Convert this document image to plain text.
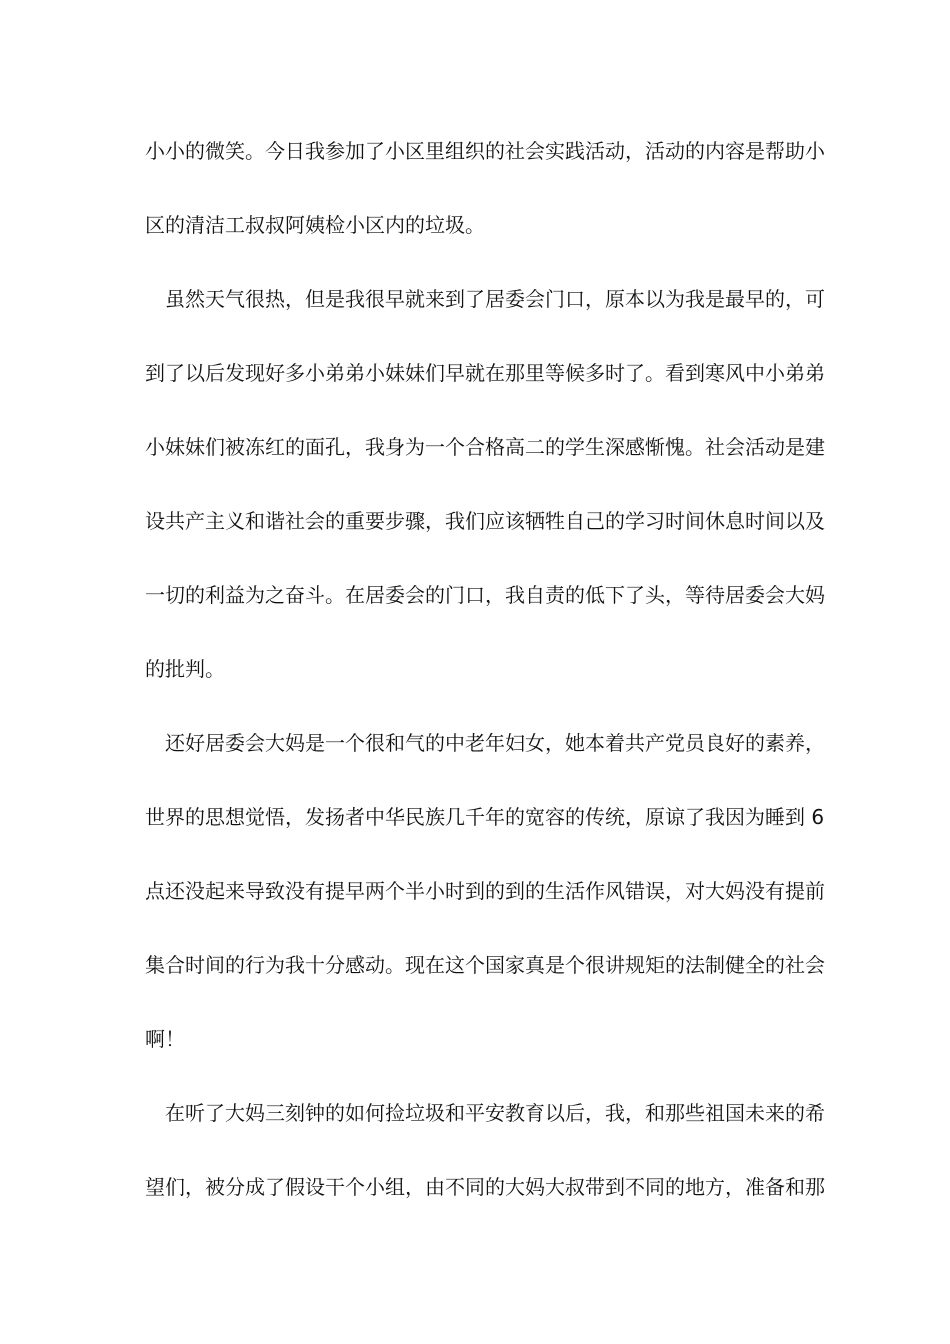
小小的微笑。今日我参加了小区里组织的社会实践活动，活动的内容是帮助小
区的清洁工叔叔阿姨检小区内的垃圾。
　虽然天气很热，但是我很早就来到了居委会门口，原本以为我是最早的，可
到了以后发现好多小弟弟小妹妹们早就在那里等候多时了。看到寒风中小弟弟
小妹妹们被冻红的面孔，我身为一个合格高二的学生深感惭愧。社会活动是建
设共产主义和谐社会的重要步骤，我们应该牺牲自己的学习时间休息时间以及
一切的利益为之奋斗。在居委会的门口，我自责的低下了头，等待居委会大妈
的批判。
　还好居委会大妈是一个很和气的中老年妇女，她本着共产党员良好的素养，
世界的思想觉悟，发扬者中华民族几千年的宽容的传统，原谅了我因为睡到 6
点还没起来导致没有提早两个半小时到的到的生活作风错误，对大妈没有提前
集合时间的行为我十分感动。现在这个国家真是个很讲规矩的法制健全的社会
啊！
　在听了大妈三刻钟的如何捡垃圾和平安教育以后，我，和那些祖国未来的希
望们，被分成了假设干个小组，由不同的大妈大叔带到不同的地方，准备和那
